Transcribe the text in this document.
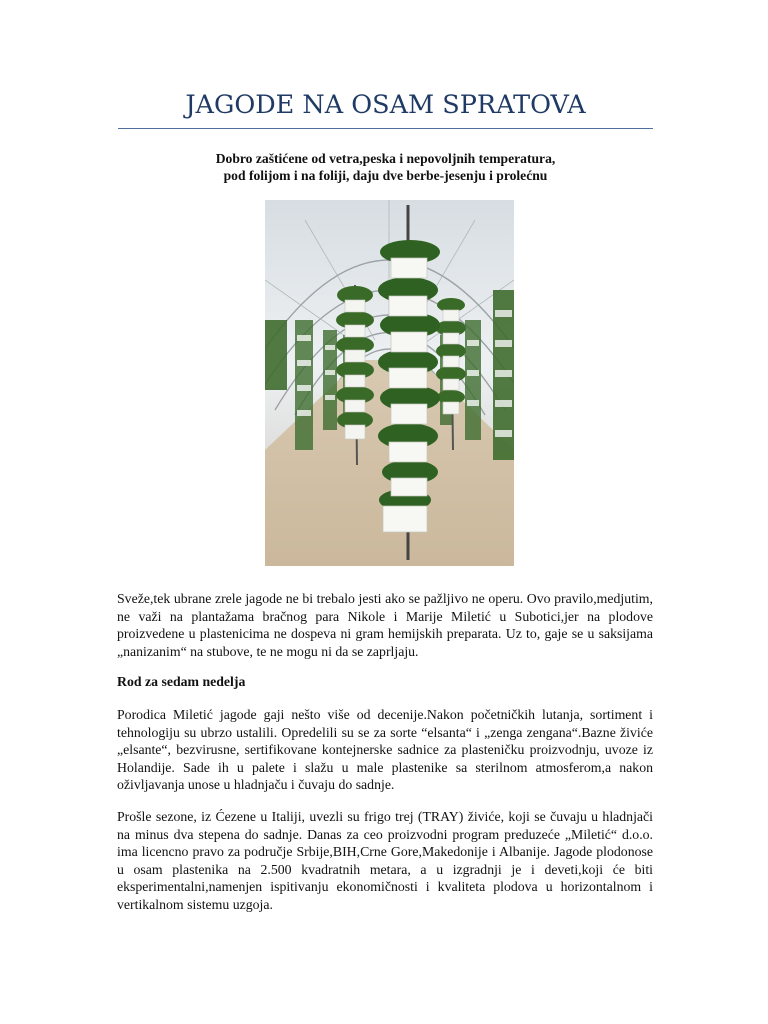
JAGODE NA OSAM SPRATOVA

Dobro zaštićene od vetra,peska i nepovoljnih temperatura,
pod folijom i na foliji, daju dve berbe-jesenju i prolećnu

Sveže,tek ubrane zrele jagode ne bi trebalo jesti ako se pažljivo ne operu. Ovo pravilo,medjutim, ne važi na plantažama bračnog para Nikole i Marije Miletić u Subotici,jer na plodove proizvedene u plastenicima ne dospeva ni gram hemijskih preparata. Uz to, gaje se u saksijama „nanizanim“ na stubove, te ne mogu ni da se zaprljaju.

Rod za sedam nedelja

Porodica Miletić jagode gaji nešto više od decenije.Nakon početničkih lutanja, sortiment i tehnologiju su ubrzo ustalili. Opredelili su se za sorte “elsanta“ i „zenga zengana“.Bazne živiće „elsante“, bezvirusne, sertifikovane kontejnerske sadnice za plasteničku proizvodnju, uvoze iz Holandije. Sade ih u palete i slažu u male plastenike sa sterilnom atmosferom,a nakon oživljavanja unose u hladnjaču i čuvaju do sadnje.

Prošle sezone, iz Ćezene u Italiji, uvezli su frigo trej (TRAY) živiće, koji se čuvaju u hladnjači na minus dva stepena do sadnje. Danas za ceo proizvodni program preduzeće „Miletić“ d.o.o. ima licencno pravo za područje Srbije,BIH,Crne Gore,Makedonije i Albanije. Jagode plodonose u osam plastenika na 2.500 kvadratnih metara, a u izgradnji je i deveti,koji će biti eksperimentalni,namenjen ispitivanju ekonomičnosti i kvaliteta plodova u horizontalnom i vertikalnom sistemu uzgoja.
